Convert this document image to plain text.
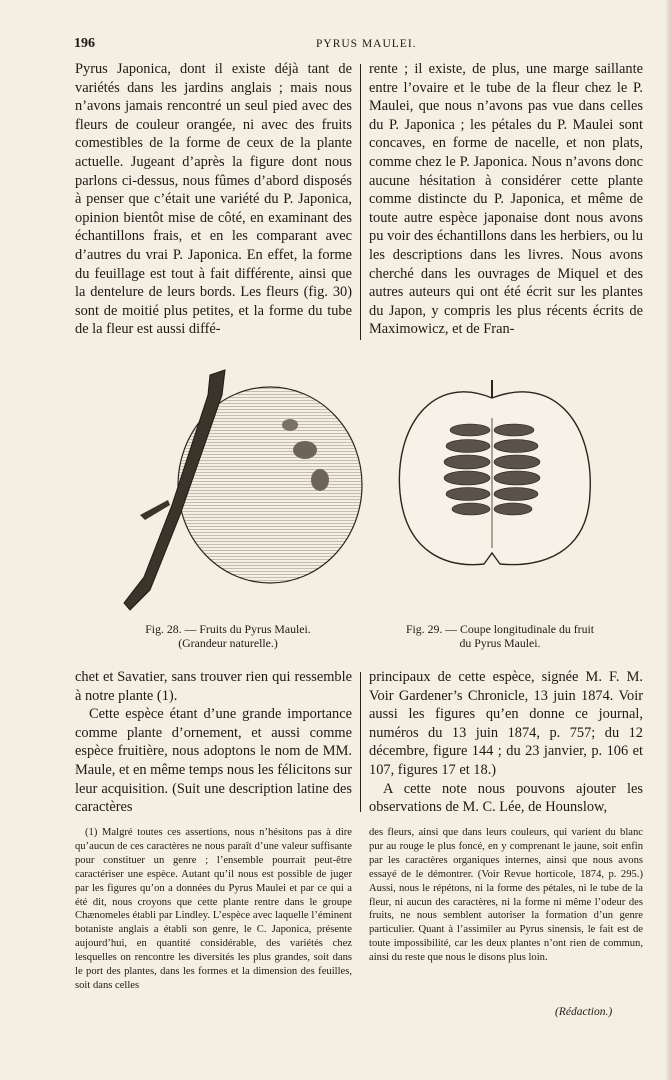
196	PYRUS MAULEI.

Pyrus Japonica, dont il existe déjà tant de variétés dans les jardins anglais ; mais nous n’avons jamais rencontré un seul pied avec des fleurs de couleur orangée, ni avec des fruits comestibles de la forme de ceux de la plante actuelle. Jugeant d’après la figure dont nous parlons ci-dessus, nous fûmes d’abord disposés à penser que c’était une variété du P. Japonica, opinion bientôt mise de côté, en examinant des échantillons frais, et en les comparant avec d’autres du vrai P. Japonica. En effet, la forme du feuillage est tout à fait différente, ainsi que la dentelure de leurs bords. Les fleurs (fig. 30) sont de moitié plus petites, et la forme du tube de la fleur est aussi diffé-

rente ; il existe, de plus, une marge saillante entre l’ovaire et le tube de la fleur chez le P. Maulei, que nous n’avons pas vue dans celles du P. Japonica ; les pétales du P. Maulei sont concaves, en forme de nacelle, et non plats, comme chez le P. Japonica. Nous n’avons donc aucune hésitation à considérer cette plante comme distincte du P. Japonica, et même de toute autre espèce japonaise dont nous avons pu voir des échantillons dans les herbiers, ou lu les descriptions dans les livres. Nous avons cherché dans les ouvrages de Miquel et des autres auteurs qui ont été écrit sur les plantes du Japon, y compris les plus récents écrits de Maximowicz, et de Fran-

Fig. 28. — Fruits du Pyrus Maulei.
(Grandeur naturelle.)
Fig. 29. — Coupe longitudinale du fruit
du Pyrus Maulei.

chet et Savatier, sans trouver rien qui ressemble à notre plante (1).

Cette espèce étant d’une grande importance comme plante d’ornement, et aussi comme espèce fruitière, nous adoptons le nom de MM. Maule, et en même temps nous les félicitons sur leur acquisition. (Suit une description latine des caractères

principaux de cette espèce, signée M. F. M. Voir Gardener’s Chronicle, 13 juin 1874. Voir aussi les figures qu’en donne ce journal, numéros du 13 juin 1874, p. 757; du 12 décembre, figure 144 ; du 23 janvier, p. 106 et 107, figures 17 et 18.)

A cette note nous pouvons ajouter les observations de M. C. Lée, de Hounslow,

(1) Malgré toutes ces assertions, nous n’hésitons pas à dire qu’aucun de ces caractères ne nous paraît d’une valeur suffisante pour constituer un genre ; l’ensemble pourrait peut-être caractériser une espèce. Autant qu’il nous est possible de juger par les figures qu’on a données du Pyrus Maulei et par ce qui a été dit, nous croyons que cette plante rentre dans le groupe Chænomeles établi par Lindley. L’espèce avec laquelle l’éminent botaniste anglais a établi son genre, le C. Japonica, présente aujourd’hui, en quantité considérable, des variétés chez lesquelles on rencontre les diversités les plus grandes, soit dans le port des plantes, dans les formes et la dimension des feuilles, soit dans celles

des fleurs, ainsi que dans leurs couleurs, qui varient du blanc pur au rouge le plus foncé, en y comprenant le jaune, soit enfin par les caractères organiques internes, ainsi que nous avons essayé de le démontrer. (Voir Revue horticole, 1874, p. 295.) Aussi, nous le répétons, ni la forme des pétales, ni le tube de la fleur, ni aucun des caractères, ni la forme ni même l’odeur des fruits, ne nous semblent autoriser la formation d’un genre particulier. Quant à l’assimiler au Pyrus sinensis, le fait est de toute impossibilité, car les deux plantes n’ont rien de commun, ainsi du reste que nous le disons plus loin.

(Rédaction.)
